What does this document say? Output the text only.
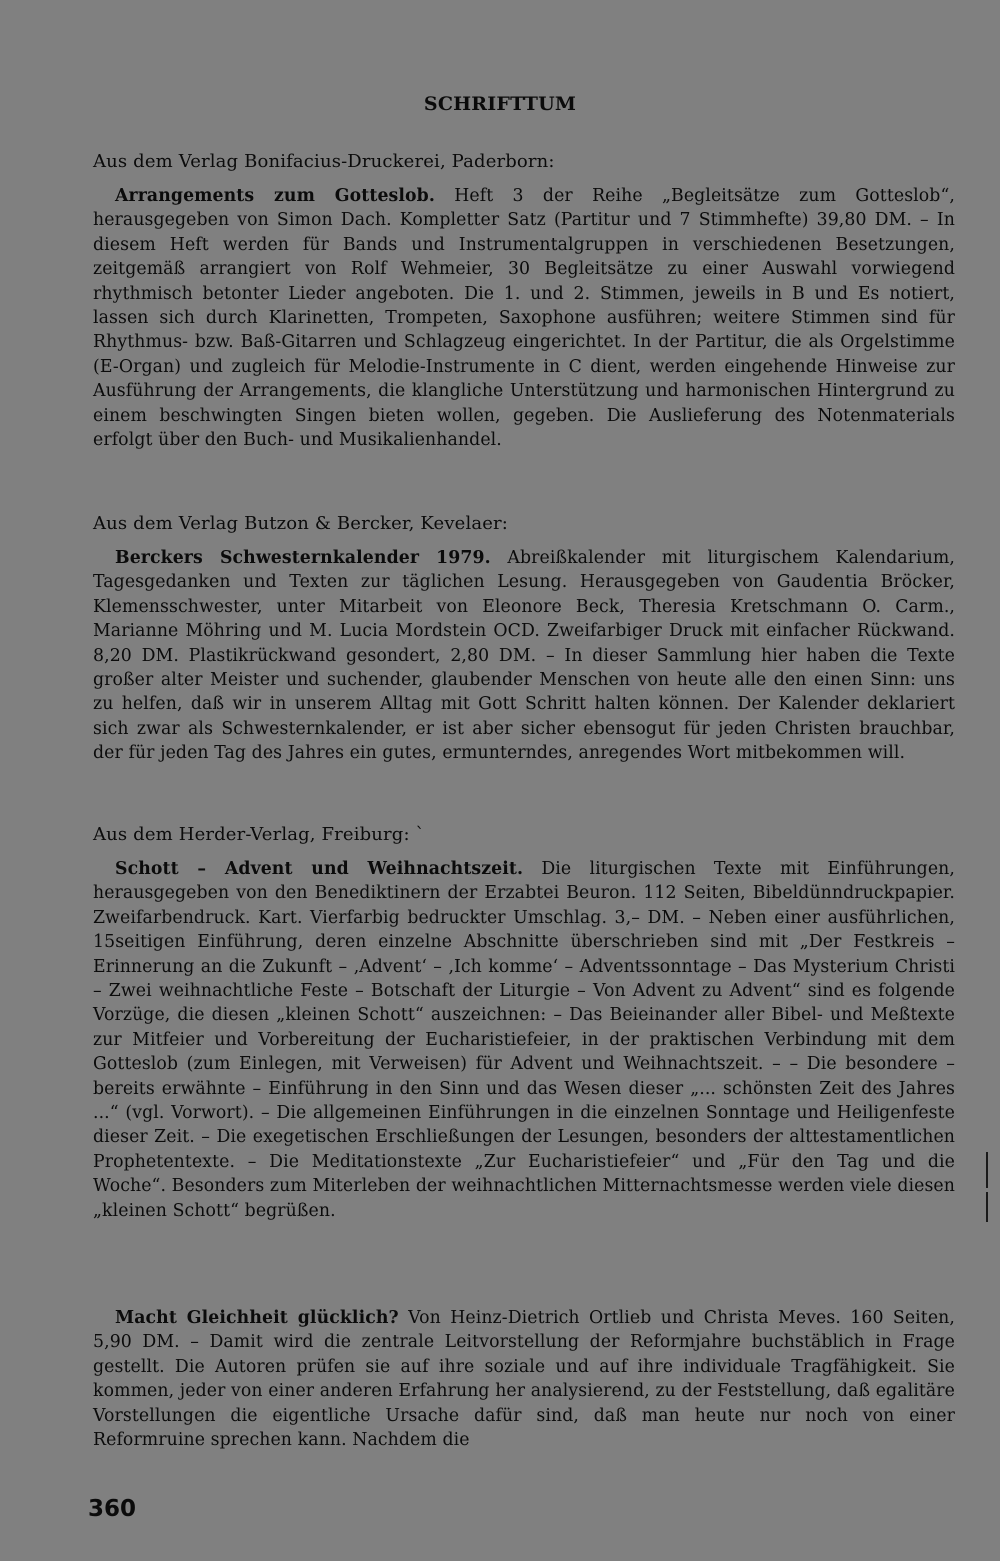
SCHRIFTTUM

Aus dem Verlag Bonifacius-Druckerei, Paderborn:

Arrangements zum Gotteslob. Heft 3 der Reihe „Begleitsätze zum Gotteslob“, herausgegeben von Simon Dach. Kompletter Satz (Partitur und 7 Stimmhefte) 39,80 DM. – In diesem Heft werden für Bands und Instrumentalgruppen in verschiedenen Besetzungen, zeitgemäß arrangiert von Rolf Wehmeier, 30 Begleitsätze zu einer Auswahl vorwiegend rhythmisch betonter Lieder angeboten. Die 1. und 2. Stimmen, jeweils in B und Es notiert, lassen sich durch Klarinetten, Trompeten, Saxophone ausführen; weitere Stimmen sind für Rhythmus- bzw. Baß-Gitarren und Schlagzeug eingerichtet. In der Partitur, die als Orgelstimme (E-Organ) und zugleich für Melodie-Instrumente in C dient, werden eingehende Hinweise zur Ausführung der Arrangements, die klangliche Unterstützung und harmonischen Hintergrund zu einem beschwingten Singen bieten wollen, gegeben. Die Auslieferung des Notenmaterials erfolgt über den Buch- und Musikalienhandel.

Aus dem Verlag Butzon & Bercker, Kevelaer:

Berckers Schwesternkalender 1979. Abreißkalender mit liturgischem Kalendarium, Tagesgedanken und Texten zur täglichen Lesung. Herausgegeben von Gaudentia Bröcker, Klemensschwester, unter Mitarbeit von Eleonore Beck, Theresia Kretschmann O. Carm., Marianne Möhring und M. Lucia Mordstein OCD. Zweifarbiger Druck mit einfacher Rückwand. 8,20 DM. Plastikrückwand gesondert, 2,80 DM. – In dieser Sammlung hier haben die Texte großer alter Meister und suchender, glaubender Menschen von heute alle den einen Sinn: uns zu helfen, daß wir in unserem Alltag mit Gott Schritt halten können. Der Kalender deklariert sich zwar als Schwesternkalender, er ist aber sicher ebensogut für jeden Christen brauchbar, der für jeden Tag des Jahres ein gutes, ermunterndes, anregendes Wort mitbekommen will.

Aus dem Herder-Verlag, Freiburg: `

Schott – Advent und Weihnachtszeit. Die liturgischen Texte mit Einführungen, herausgegeben von den Benediktinern der Erzabtei Beuron. 112 Seiten, Bibeldünndruckpapier. Zweifarbendruck. Kart. Vierfarbig bedruckter Umschlag. 3,– DM. – Neben einer ausführlichen, 15seitigen Einführung, deren einzelne Abschnitte überschrieben sind mit „Der Festkreis – Erinnerung an die Zukunft – ‚Advent‘ – ‚Ich komme‘ – Adventssonntage – Das Mysterium Christi – Zwei weihnachtliche Feste – Botschaft der Liturgie – Von Advent zu Advent“ sind es folgende Vorzüge, die diesen „kleinen Schott“ auszeichnen: – Das Beieinander aller Bibel- und Meßtexte zur Mitfeier und Vorbereitung der Eucharistiefeier, in der praktischen Verbindung mit dem Gotteslob (zum Einlegen, mit Verweisen) für Advent und Weihnachtszeit. – – Die besondere – bereits erwähnte – Einführung in den Sinn und das Wesen dieser „... schönsten Zeit des Jahres ...“ (vgl. Vorwort). – Die allgemeinen Einführungen in die einzelnen Sonntage und Heiligenfeste dieser Zeit. – Die exegetischen Erschließungen der Lesungen, besonders der alttestamentlichen Prophetentexte. – Die Meditationstexte „Zur Eucharistiefeier“ und „Für den Tag und die Woche“. Besonders zum Miterleben der weihnachtlichen Mitternachtsmesse werden viele diesen „kleinen Schott“ begrüßen.

Macht Gleichheit glücklich? Von Heinz-Dietrich Ortlieb und Christa Meves. 160 Seiten, 5,90 DM. – Damit wird die zentrale Leitvorstellung der Reformjahre buchstäblich in Frage gestellt. Die Autoren prüfen sie auf ihre soziale und auf ihre individuale Tragfähigkeit. Sie kommen, jeder von einer anderen Erfahrung her analysierend, zu der Feststellung, daß egalitäre Vorstellungen die eigentliche Ursache dafür sind, daß man heute nur noch von einer Reformruine sprechen kann. Nachdem die

360
